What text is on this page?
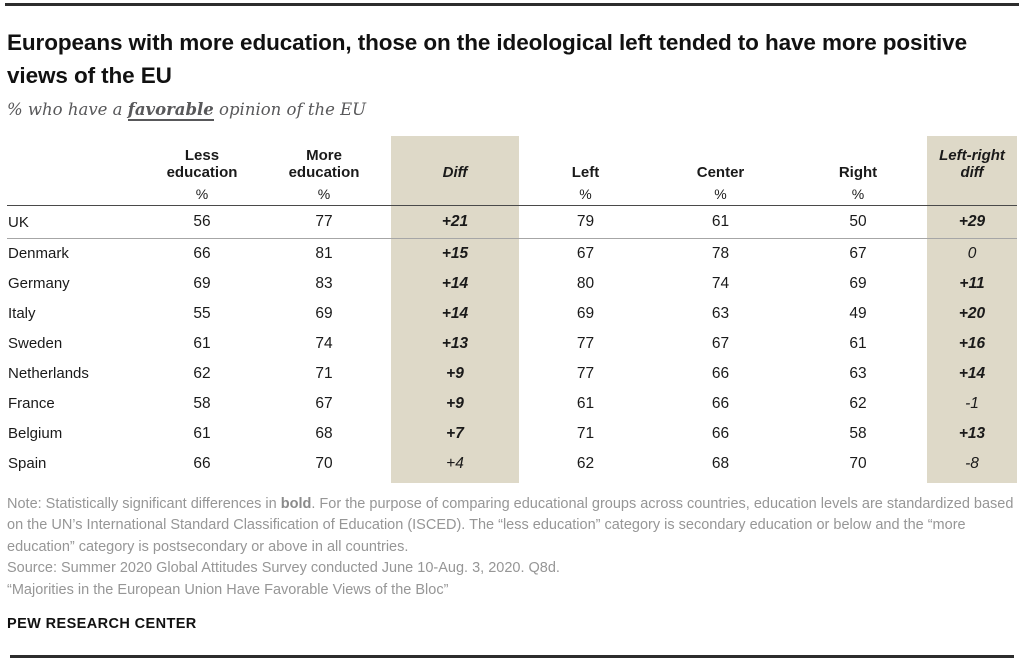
Europeans with more education, those on the ideological left tended to have more positive views of the EU

% who have a favorable opinion of the EU

	Less education	More education	Diff	Left	Center	Right	Left-right diff
	%	%		%	%	%	
UK	56	77	+21	79	61	50	+29
Denmark	66	81	+15	67	78	67	0
Germany	69	83	+14	80	74	69	+11
Italy	55	69	+14	69	63	49	+20
Sweden	61	74	+13	77	67	61	+16
Netherlands	62	71	+9	77	66	63	+14
France	58	67	+9	61	66	62	-1
Belgium	61	68	+7	71	66	58	+13
Spain	66	70	+4	62	68	70	-8

Note: Statistically significant differences in bold. For the purpose of comparing educational groups across countries, education levels are standardized based on the UN’s International Standard Classification of Education (ISCED). The “less education” category is secondary education or below and the “more education” category is postsecondary or above in all countries.

Source: Summer 2020 Global Attitudes Survey conducted June 10-Aug. 3, 2020. Q8d.

“Majorities in the European Union Have Favorable Views of the Bloc”

PEW RESEARCH CENTER
